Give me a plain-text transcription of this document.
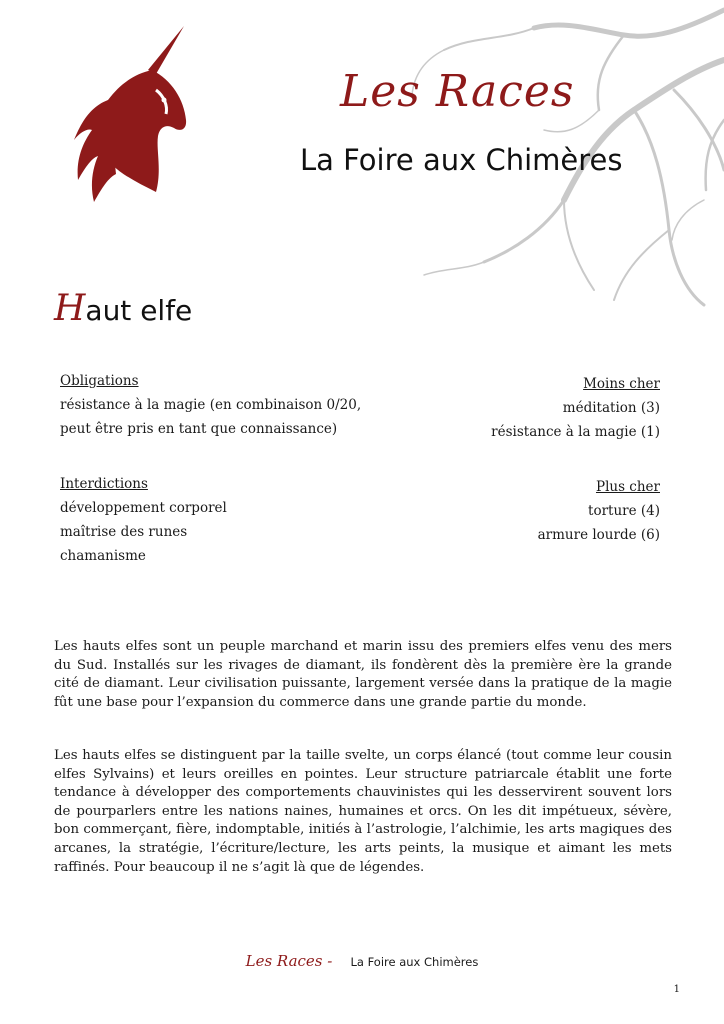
Les Races
La Foire aux Chimères
Haut elfe
Obligations
résistance à la magie (en combinaison 0/20,
peut être pris en tant que connaissance)
Interdictions
développement corporel
maîtrise des runes
chamanisme
Moins cher
méditation (3)
résistance à la magie (1)
Plus cher
torture (4)
armure lourde (6)

Les hauts elfes sont un peuple marchand et marin issu des premiers elfes venu des mers du Sud. Installés sur les rivages de diamant, ils fondèrent dès la première ère la grande cité de diamant. Leur civilisation puissante, largement versée dans la pratique de la magie fût une base pour l’expansion du commerce dans une grande partie du monde.

Les hauts elfes se distinguent par la taille svelte, un corps élancé (tout comme leur cousin elfes Sylvains) et leurs oreilles en pointes. Leur structure patriarcale établit une forte tendance à développer des comportements chauvinistes qui les desservirent souvent lors de pourparlers entre les nations naines, humaines et orcs. On les dit impétueux, sévère, bon commerçant, fière, indomptable, initiés à l’astrologie, l’alchimie, les arts magiques des arcanes, la stratégie, l’écriture/lecture, les arts peints, la musique et aimant les mets raffinés. Pour beaucoup il ne s’agit là que de légendes.

Les Races - La Foire aux Chimères
1
